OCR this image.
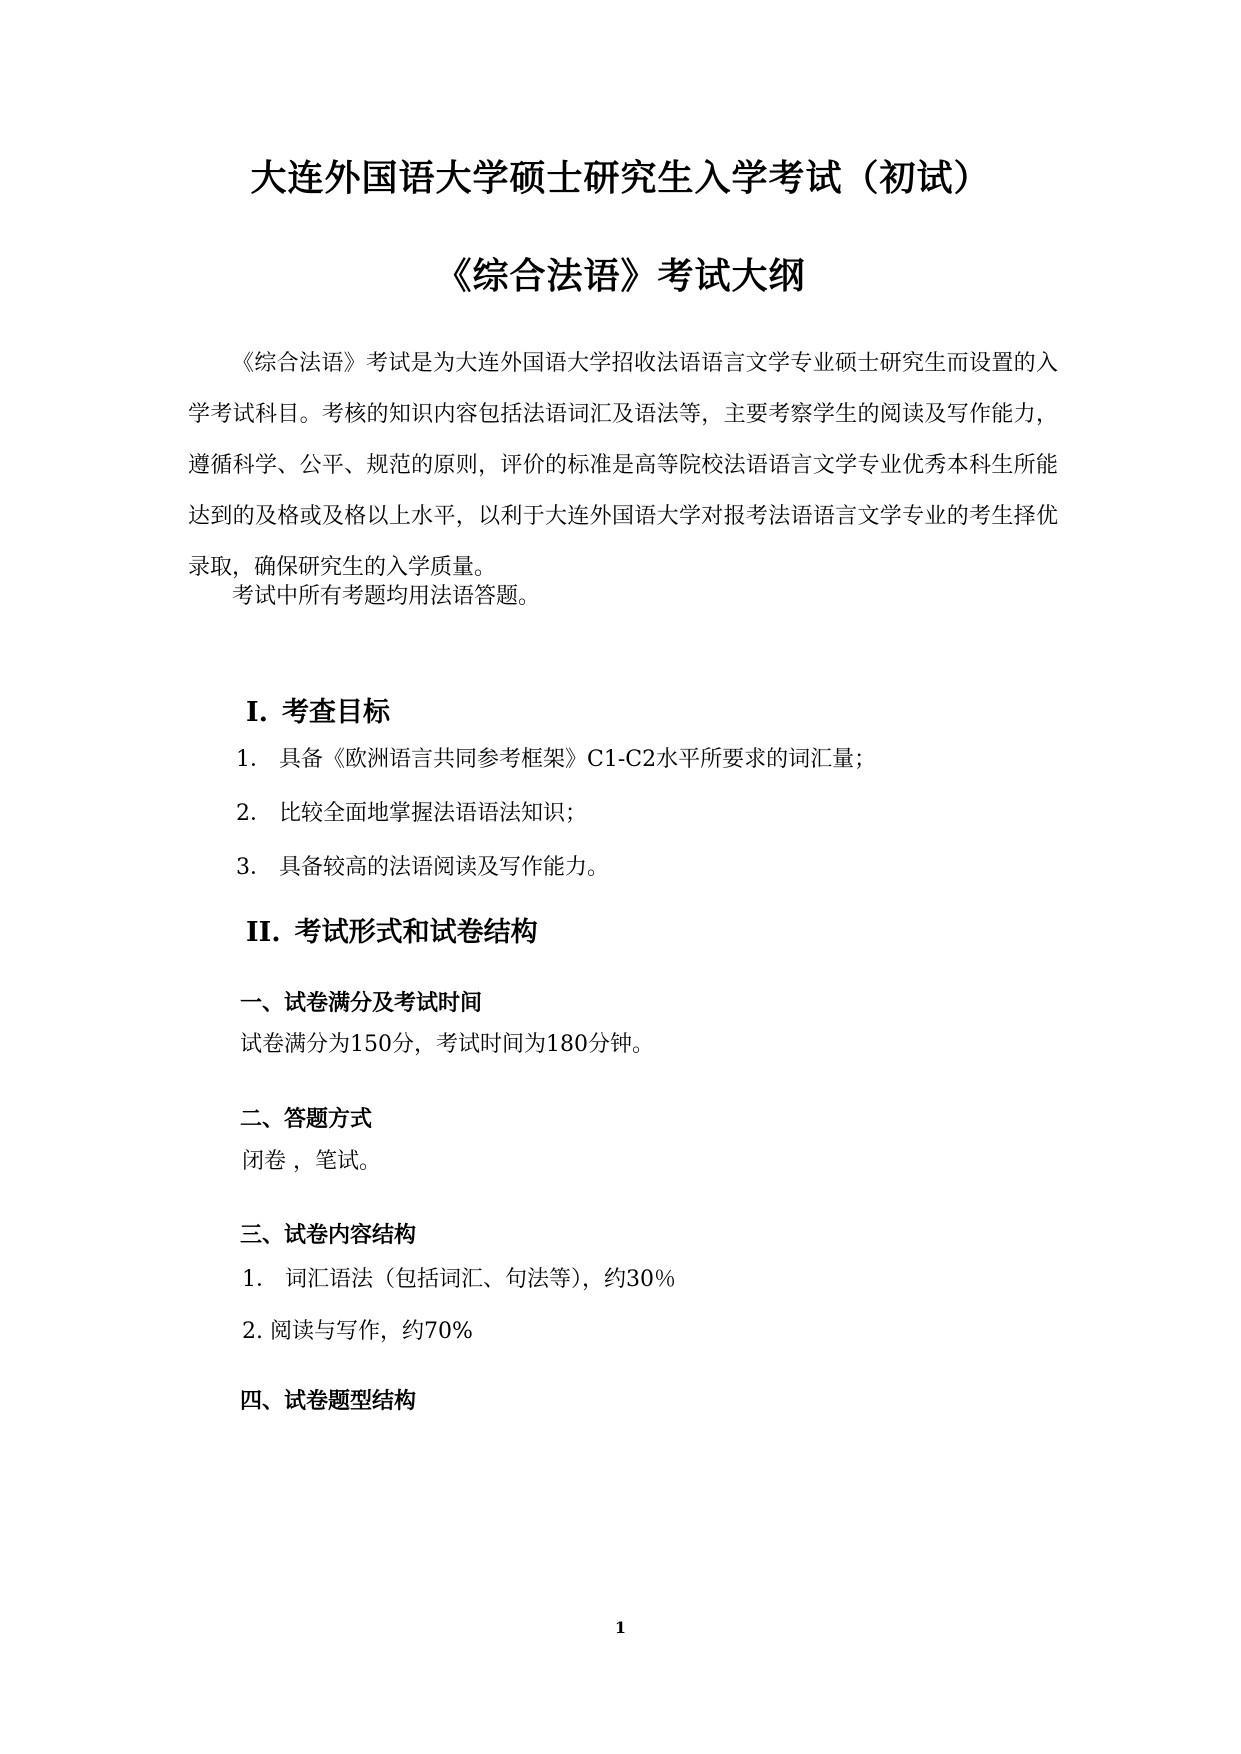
大连外国语大学硕士研究生入学考试（初试）
《综合法语》考试大纲

《综合法语》考试是为大连外国语大学招收法语语言文学专业硕士研究生而设置的入学考试科目。考核的知识内容包括法语词汇及语法等，主要考察学生的阅读及写作能力，遵循科学、公平、规范的原则，评价的标准是高等院校法语语言文学专业优秀本科生所能达到的及格或及格以上水平，以利于大连外国语大学对报考法语语言文学专业的考生择优录取，确保研究生的入学质量。

考试中所有考题均用法语答题。

I. 考查目标

1． 具备《欧洲语言共同参考框架》C1-C2水平所要求的词汇量；

2． 比较全面地掌握法语语法知识；

3． 具备较高的法语阅读及写作能力。

II. 考试形式和试卷结构
一、试卷满分及考试时间

试卷满分为150分，考试时间为180分钟。

二、答题方式

闭卷 ，笔试。

三、试卷内容结构

1． 词汇语法（包括词汇、句法等），约30％

2. 阅读与写作，约70%

四、试卷题型结构
1
